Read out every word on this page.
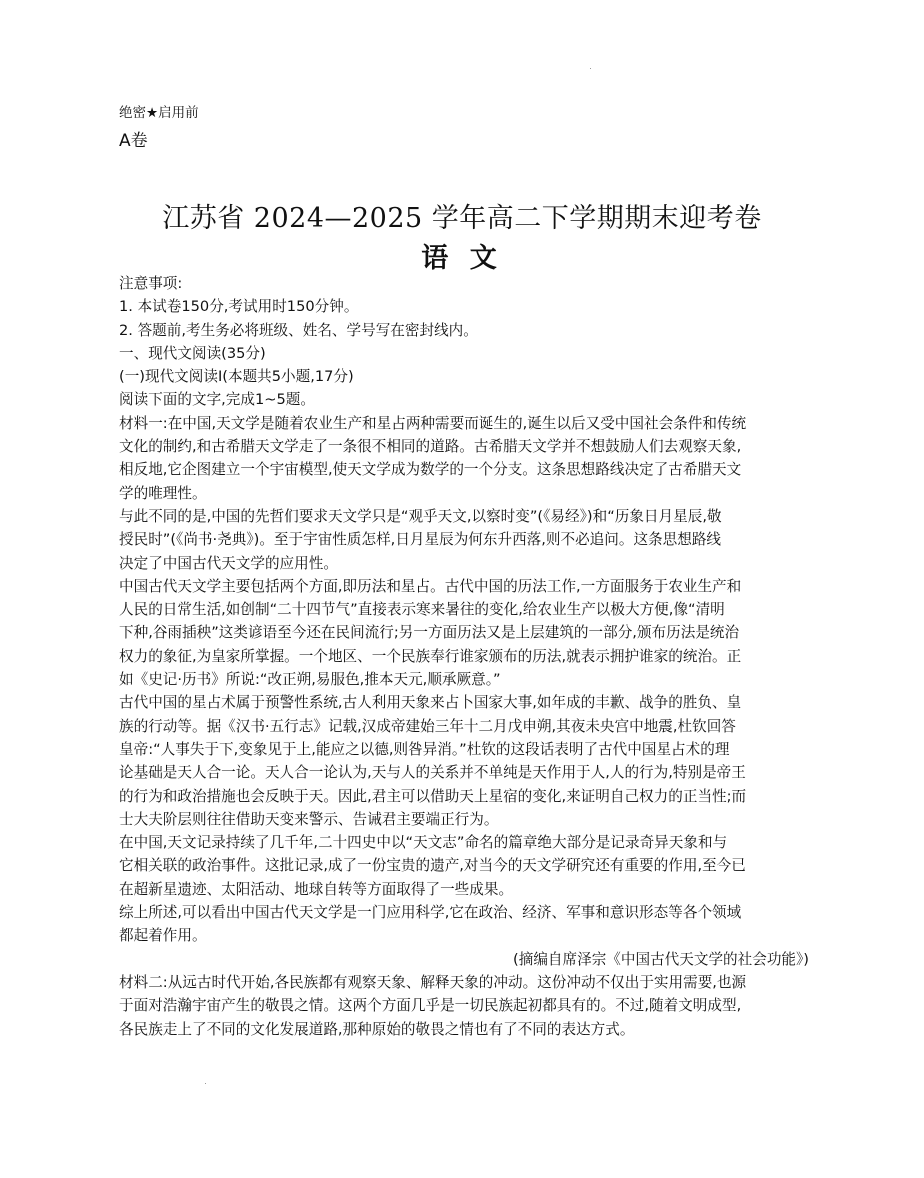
绝密★启用前
A卷
江苏省 2024—2025 学年高二下学期期末迎考卷
语 文
注意事项:
1. 本试卷150分,考试用时150分钟。
2. 答题前,考生务必将班级、姓名、学号写在密封线内。
一、现代文阅读(35分)
(一)现代文阅读Ⅰ(本题共5小题,17分)
阅读下面的文字,完成1~5题。
材料一:在中国,天文学是随着农业生产和星占两种需要而诞生的,诞生以后又受中国社会条件和传统
文化的制约,和古希腊天文学走了一条很不相同的道路。古希腊天文学并不想鼓励人们去观察天象,
相反地,它企图建立一个宇宙模型,使天文学成为数学的一个分支。这条思想路线决定了古希腊天文
学的唯理性。
与此不同的是,中国的先哲们要求天文学只是“观乎天文,以察时变”(《易经》)和“历象日月星辰,敬
授民时”(《尚书·尧典》)。至于宇宙性质怎样,日月星辰为何东升西落,则不必追问。这条思想路线
决定了中国古代天文学的应用性。
中国古代天文学主要包括两个方面,即历法和星占。古代中国的历法工作,一方面服务于农业生产和
人民的日常生活,如创制“二十四节气”直接表示寒来暑往的变化,给农业生产以极大方便,像“清明
下种,谷雨插秧”这类谚语至今还在民间流行;另一方面历法又是上层建筑的一部分,颁布历法是统治
权力的象征,为皇家所掌握。一个地区、一个民族奉行谁家颁布的历法,就表示拥护谁家的统治。正
如《史记·历书》所说:“改正朔,易服色,推本天元,顺承厥意。”
古代中国的星占术属于预警性系统,古人利用天象来占卜国家大事,如年成的丰歉、战争的胜负、皇
族的行动等。据《汉书·五行志》记载,汉成帝建始三年十二月戊申朔,其夜未央宫中地震,杜钦回答
皇帝:“人事失于下,变象见于上,能应之以德,则咎异消。”杜钦的这段话表明了古代中国星占术的理
论基础是天人合一论。天人合一论认为,天与人的关系并不单纯是天作用于人,人的行为,特别是帝王
的行为和政治措施也会反映于天。因此,君主可以借助天上星宿的变化,来证明自己权力的正当性;而
士大夫阶层则往往借助天变来警示、告诫君主要端正行为。
在中国,天文记录持续了几千年,二十四史中以“天文志”命名的篇章绝大部分是记录奇异天象和与
它相关联的政治事件。这批记录,成了一份宝贵的遗产,对当今的天文学研究还有重要的作用,至今已
在超新星遗迹、太阳活动、地球自转等方面取得了一些成果。
综上所述,可以看出中国古代天文学是一门应用科学,它在政治、经济、军事和意识形态等各个领域
都起着作用。
(摘编自席泽宗《中国古代天文学的社会功能》)
材料二:从远古时代开始,各民族都有观察天象、解释天象的冲动。这份冲动不仅出于实用需要,也源
于面对浩瀚宇宙产生的敬畏之情。这两个方面几乎是一切民族起初都具有的。不过,随着文明成型,
各民族走上了不同的文化发展道路,那种原始的敬畏之情也有了不同的表达方式。
